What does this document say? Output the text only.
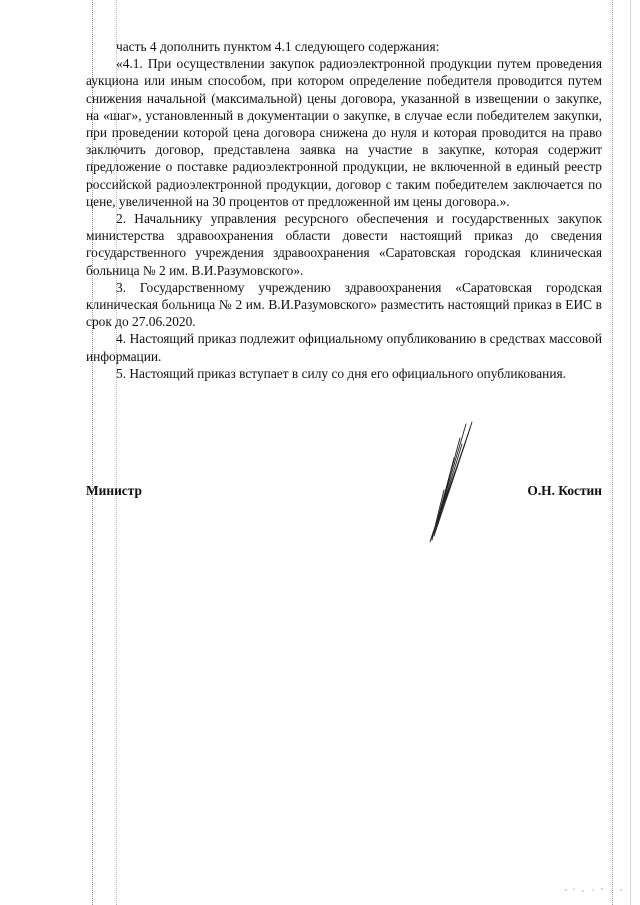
часть 4 дополнить пунктом 4.1 следующего содержания:

«4.1. При осуществлении закупок радиоэлектронной продукции путем проведения аукциона или иным способом, при котором определение победителя проводится путем снижения начальной (максимальной) цены договора, указанной в извещении о закупке, на «шаг», установленный в документации о закупке, в случае если победителем закупки, при проведении которой цена договора снижена до нуля и которая проводится на право заключить договор, представлена заявка на участие в закупке, которая содержит предложение о поставке радиоэлектронной продукции, не включенной в единый реестр российской радиоэлектронной продукции, договор с таким победителем заключается по цене, увеличенной на 30 процентов от предложенной им цены договора.».

2. Начальнику управления ресурсного обеспечения и государственных закупок министерства здравоохранения области довести настоящий приказ до сведения государственного учреждения здравоохранения «Саратовская городская клиническая больница № 2 им. В.И.Разумовского».

3. Государственному учреждению здравоохранения «Саратовская городская клиническая больница № 2 им. В.И.Разумовского» разместить настоящий приказ в ЕИС в срок до 27.06.2020.

4. Настоящий приказ подлежит официальному опубликованию в средствах массовой информации.

5. Настоящий приказ вступает в силу со дня его официального опубликования.

Министр	О.Н. Костин
